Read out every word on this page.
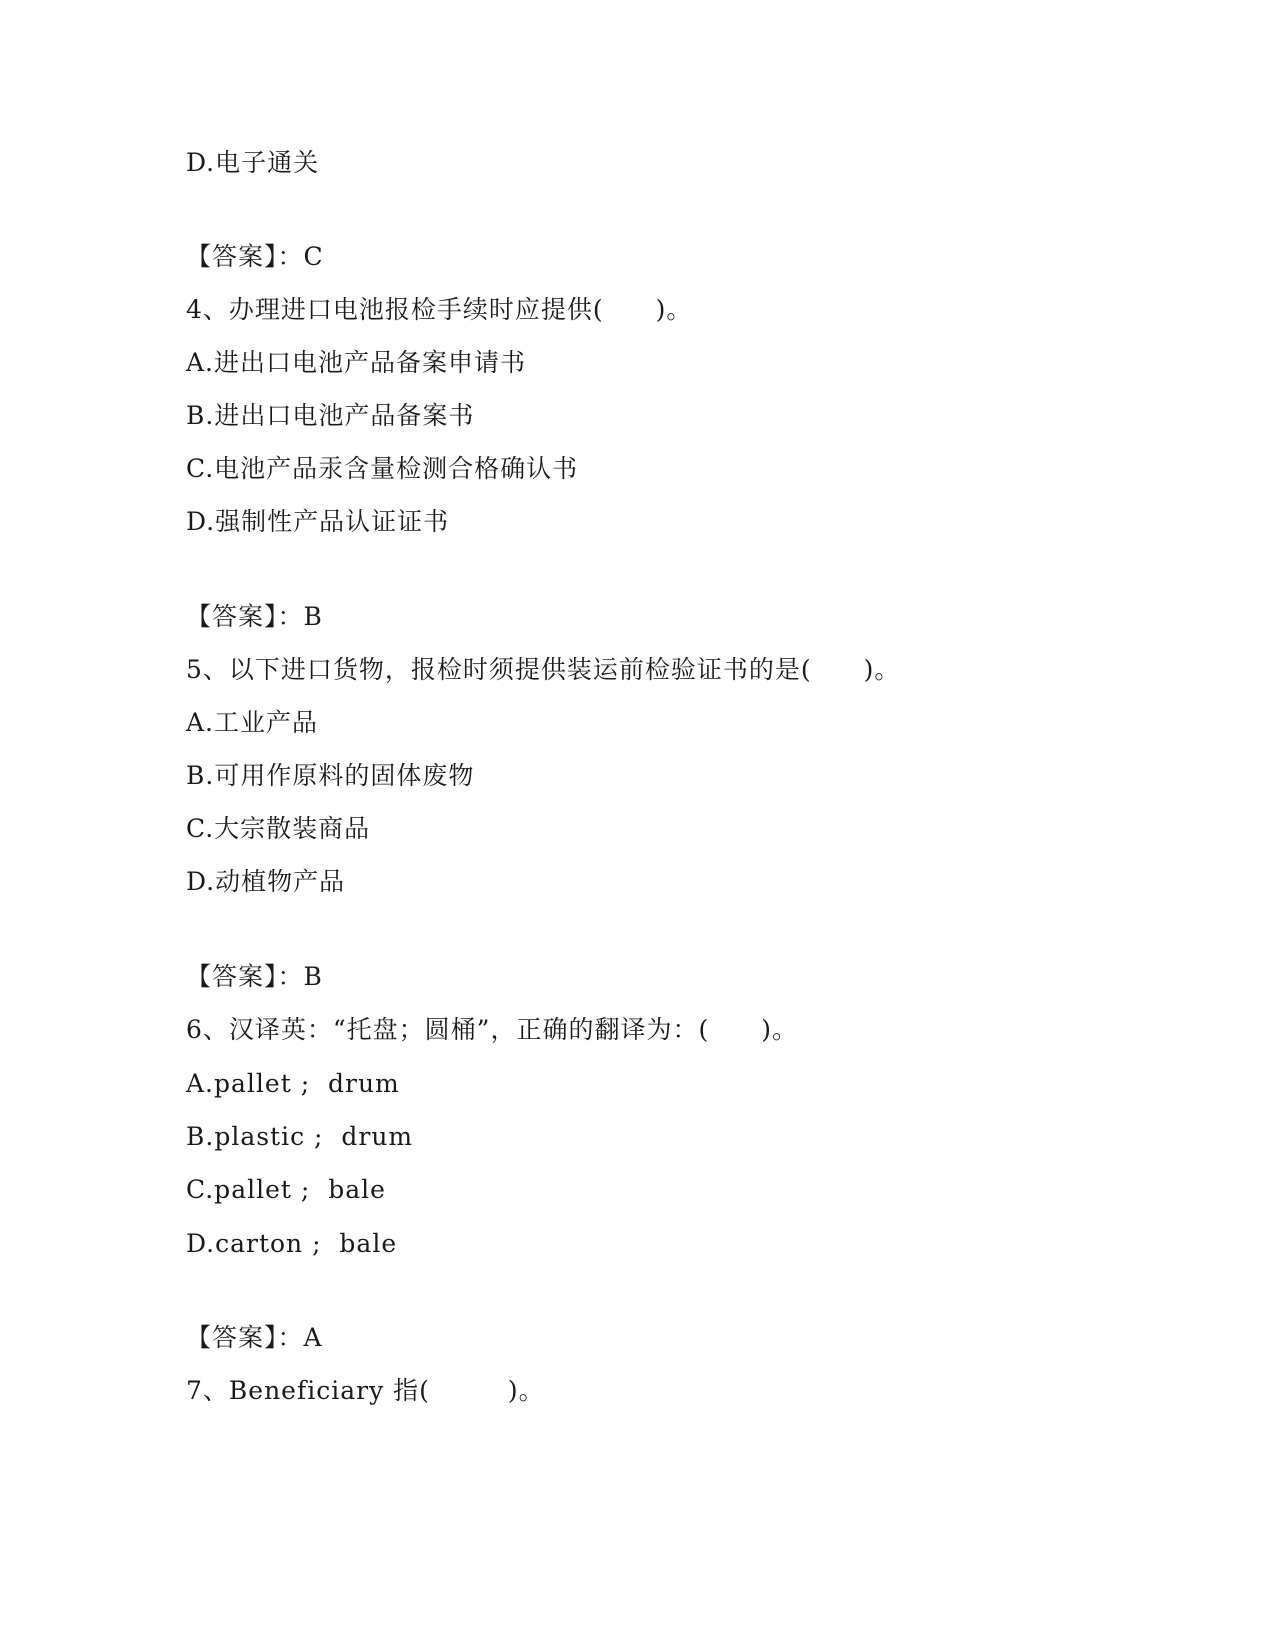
D.电子通关
【答案】：C
4、办理进口电池报检手续时应提供(　　)。
A.进出口电池产品备案申请书
B.进出口电池产品备案书
C.电池产品汞含量检测合格确认书
D.强制性产品认证证书
【答案】：B
5、以下进口货物，报检时须提供装运前检验证书的是(　　)。
A.工业产品
B.可用作原料的固体废物
C.大宗散装商品
D.动植物产品
【答案】：B
6、汉译英：“托盘；圆桶”，正确的翻译为：(　　)。
A.pallet ;  drum
B.plastic ;  drum
C.pallet ;  bale
D.carton ;  bale
【答案】：A
7、Beneficiary 指(　　　)。
